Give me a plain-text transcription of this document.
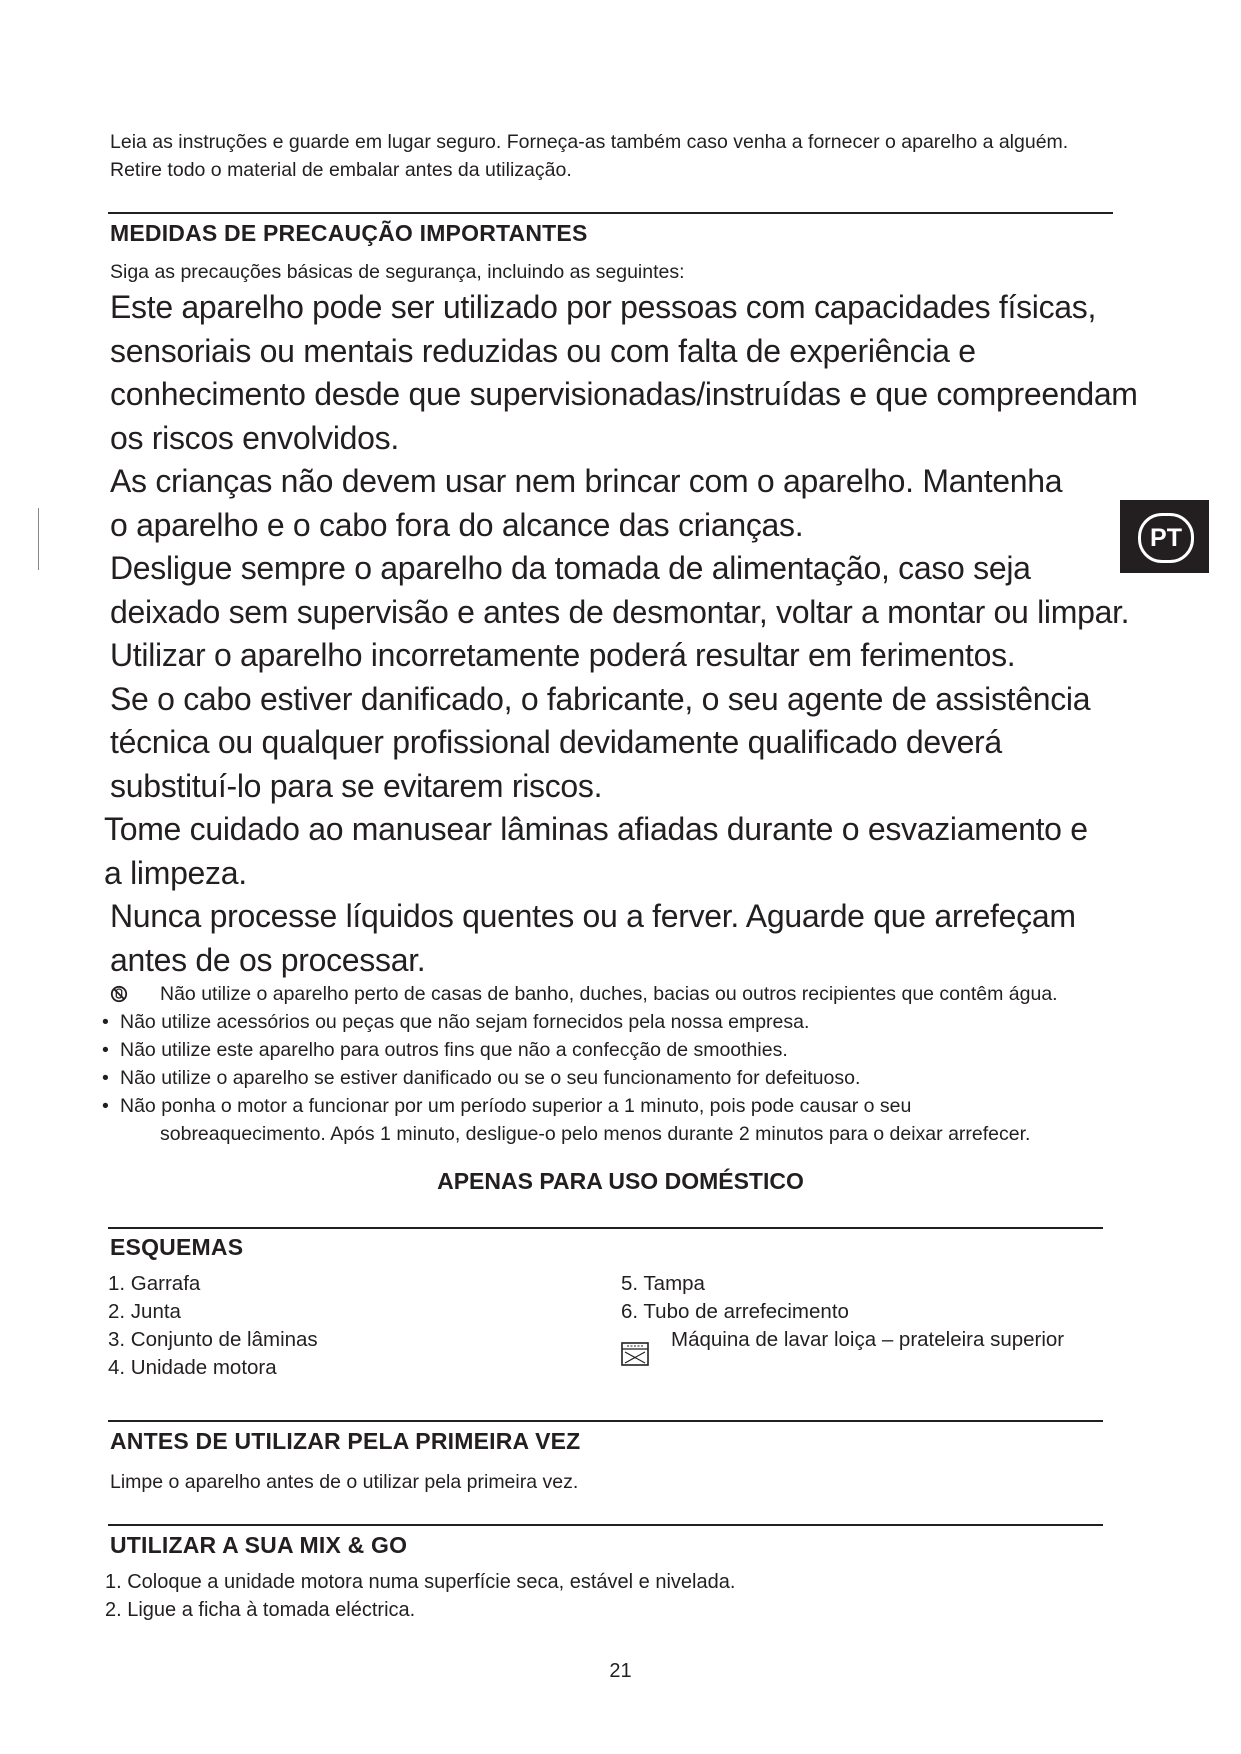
Leia as instruções e guarde em lugar seguro. Forneça-as também caso venha a fornecer o aparelho a alguém. Retire todo o material de embalar antes da utilização.
MEDIDAS DE PRECAUÇÃO IMPORTANTES
Siga as precauções básicas de segurança, incluindo as seguintes:

Este aparelho pode ser utilizado por pessoas com capacidades físicas, sensoriais ou mentais reduzidas ou com falta de experiência e conhecimento desde que supervisionadas/instruídas e que compreendam os riscos envolvidos.

As crianças não devem usar nem brincar com o aparelho. Mantenha o aparelho e o cabo fora do alcance das crianças.

Desligue sempre o aparelho da tomada de alimentação, caso seja deixado sem supervisão e antes de desmontar, voltar a montar ou limpar.

Utilizar o aparelho incorretamente poderá resultar em ferimentos.

Se o cabo estiver danificado, o fabricante, o seu agente de assistência técnica ou qualquer profissional devidamente qualificado deverá substituí-lo para se evitarem riscos.

Tome cuidado ao manusear lâminas afiadas durante o esvaziamento e a limpeza.

Nunca processe líquidos quentes ou a ferver. Aguarde que arrefeçam antes de os processar.

Não utilize o aparelho perto de casas de banho, duches, bacias ou outros recipientes que contêm água.
• Não utilize acessórios ou peças que não sejam fornecidos pela nossa empresa.
• Não utilize este aparelho para outros fins que não a confecção de smoothies.
• Não utilize o aparelho se estiver danificado ou se o seu funcionamento for defeituoso.
• Não ponha o motor a funcionar por um período superior a 1 minuto, pois pode causar o seu
sobreaquecimento. Após 1 minuto, desligue-o pelo menos durante 2 minutos para o deixar arrefecer.
APENAS PARA USO DOMÉSTICO
ESQUEMAS
1. Garrafa
2. Junta
3. Conjunto de lâminas
4. Unidade motora
5. Tampa
6. Tubo de arrefecimento
Máquina de lavar loiça – prateleira superior
ANTES DE UTILIZAR PELA PRIMEIRA VEZ
Limpe o aparelho antes de o utilizar pela primeira vez.
UTILIZAR A SUA MIX & GO
1. Coloque a unidade motora numa superfície seca, estável e nivelada.
2. Ligue a ficha à tomada eléctrica.
PT
21
